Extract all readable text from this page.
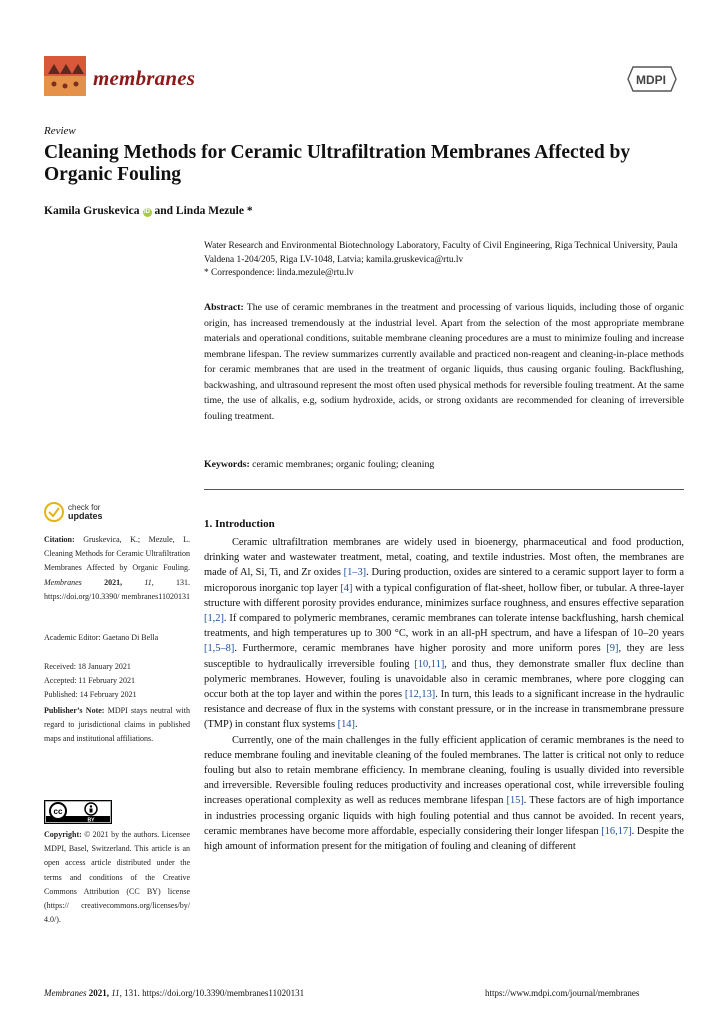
membranes	MDPI
Review
Cleaning Methods for Ceramic Ultrafiltration Membranes Affected by Organic Fouling
Kamila Gruskevica iD and Linda Mezule *
Water Research and Environmental Biotechnology Laboratory, Faculty of Civil Engineering, Riga Technical University, Paula Valdena 1-204/205, Riga LV-1048, Latvia; kamila.gruskevica@rtu.lv
* Correspondence: linda.mezule@rtu.lv
Abstract: The use of ceramic membranes in the treatment and processing of various liquids, including those of organic origin, has increased tremendously at the industrial level. Apart from the selection of the most appropriate membrane materials and operational conditions, suitable membrane cleaning procedures are a must to minimize fouling and increase membrane lifespan. The review summarizes currently available and practiced non-reagent and cleaning-in-place methods for ceramic membranes that are used in the treatment of organic liquids, thus causing organic fouling. Backflushing, backwashing, and ultrasound represent the most often used physical methods for reversible fouling treatment. At the same time, the use of alkalis, e.g, sodium hydroxide, acids, or strong oxidants are recommended for cleaning of irreversible fouling treatment.
Keywords: ceramic membranes; organic fouling; cleaning
check for
updates
Citation: Gruskevica, K.; Mezule, L. Cleaning Methods for Ceramic Ultrafiltration Membranes Affected by Organic Fouling. Membranes	2021,	11,	131. https://doi.org/10.3390/ membranes11020131
Academic Editor: Gaetano Di Bella
Received: 18 January 2021
Accepted: 11 February 2021
Published: 14 February 2021
Publisher’s Note: MDPI stays neutral with regard to jurisdictional claims in published maps and institutional affiliations.
cc
BY
Copyright: © 2021 by the authors. Licensee MDPI, Basel, Switzerland. This article is an open access article distributed under the terms and conditions of the Creative Commons Attribution (CC BY) license (https:// creativecommons.org/licenses/by/ 4.0/).
1. Introduction

Ceramic ultrafiltration membranes are widely used in bioenergy, pharmaceutical and food production, drinking water and wastewater treatment, metal, coating, and textile industries. Most often, the membranes are made of Al, Si, Ti, and Zr oxides [1–3]. During production, oxides are sintered to a ceramic support layer to form a microporous inorganic top layer [4] with a typical configuration of flat-sheet, hollow fiber, or tubular. A three-layer structure with different porosity provides endurance, minimizes surface roughness, and ensures effective separation [1,2]. If compared to polymeric membranes, ceramic membranes can tolerate intense backflushing, harsh chemical treatments, and high temperatures up to 300 °C, work in an all-pH spectrum, and have a lifespan of 10–20 years [1,5–8]. Furthermore, ceramic membranes have higher porosity and more uniform pores [9], they are less susceptible to hydraulically irreversible fouling [10,11], and thus, they demonstrate smaller flux decline than polymeric membranes. However, fouling is unavoidable also in ceramic membranes, where pore clogging can occur both at the top layer and within the pores [12,13]. In turn, this leads to a significant increase in the hydraulic resistance and decrease of flux in the systems with constant pressure, or in the increase in transmembrane pressure (TMP) in constant flux systems [14].

Currently, one of the main challenges in the fully efficient application of ceramic membranes is the need to reduce membrane fouling and inevitable cleaning of the fouled membranes. The latter is critical not only to reduce fouling but also to retain membrane efficiency. In membrane cleaning, fouling is usually divided into reversible and irreversible. Reversible fouling reduces productivity and increases operational cost, while irreversible fouling increases operational complexity as well as reduces membrane lifespan [15]. These factors are of high importance in industries processing organic liquids with high fouling potential and thus cannot be avoided. In recent years, ceramic membranes have become more affordable, especially considering their longer lifespan [16,17]. Despite the high amount of information present for the mitigation of fouling and cleaning of different

Membranes 2021, 11, 131. https://doi.org/10.3390/membranes11020131	https://www.mdpi.com/journal/membranes
